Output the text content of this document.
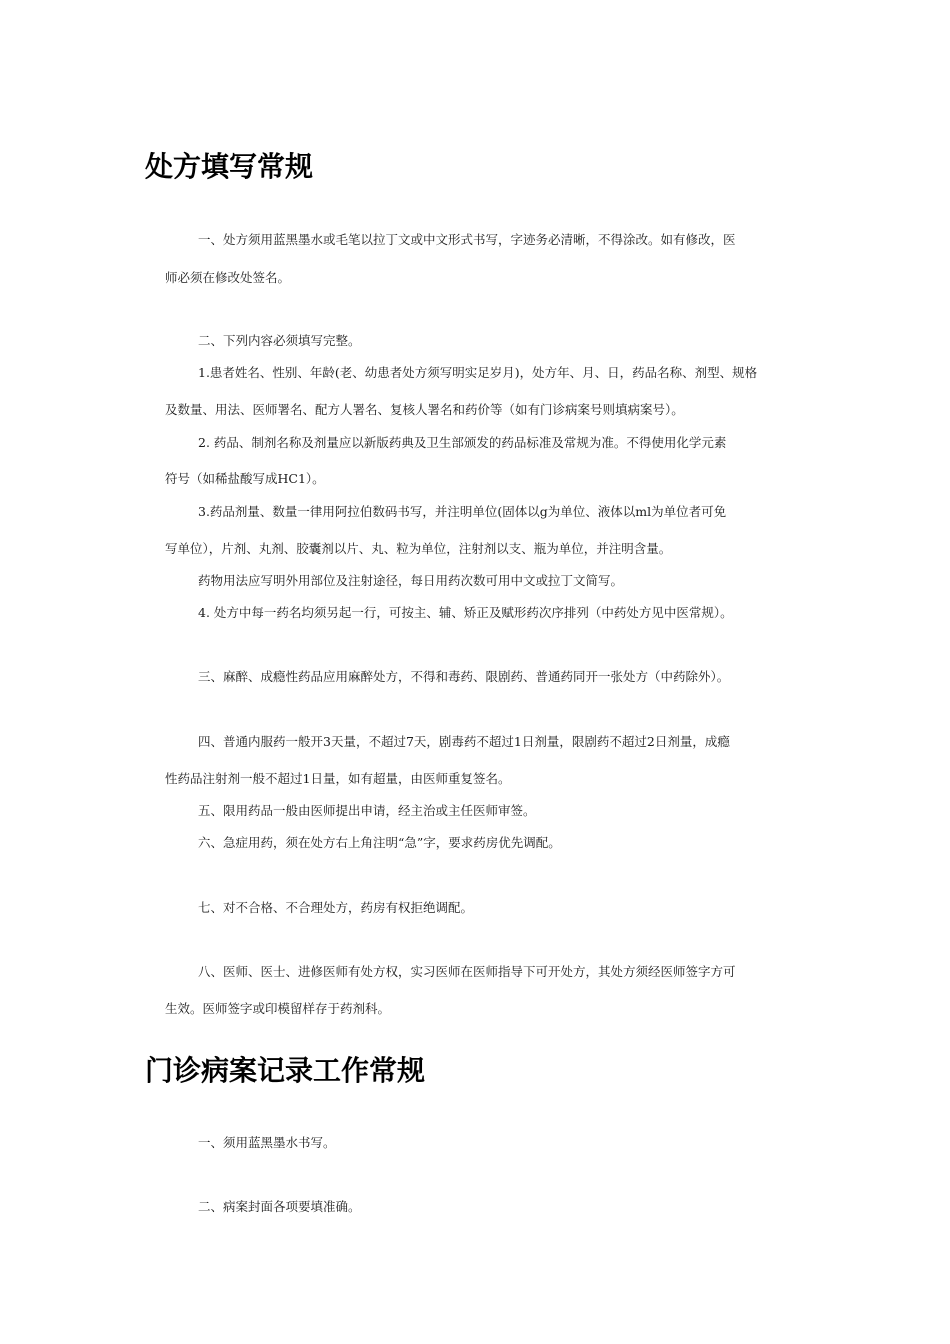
处方填写常规
一、处方须用蓝黑墨水或毛笔以拉丁文或中文形式书写，字迹务必清晰，不得涂改。如有修改，医
师必须在修改处签名。
二、下列内容必须填写完整。
1.患者姓名、性别、年龄(老、幼患者处方须写明实足岁月)，处方年、月、日，药品名称、剂型、规格
及数量、用法、医师署名、配方人署名、复核人署名和药价等（如有门诊病案号则填病案号）。
2. 药品、制剂名称及剂量应以新版药典及卫生部颁发的药品标准及常规为准。不得使用化学元素
符号（如稀盐酸写成HC1）。
3.药品剂量、数量一律用阿拉伯数码书写，并注明单位(固体以g为单位、液体以ml为单位者可免
写单位），片剂、丸剂、胶囊剂以片、丸、粒为单位，注射剂以支、瓶为单位，并注明含量。
药物用法应写明外用部位及注射途径，每日用药次数可用中文或拉丁文简写。
4. 处方中每一药名均须另起一行，可按主、辅、矫正及赋形药次序排列（中药处方见中医常规）。
三、麻醉、成瘾性药品应用麻醉处方，不得和毒药、限剧药、普通药同开一张处方（中药除外）。
四、普通内服药一般开3天量，不超过7天，剧毒药不超过1日剂量，限剧药不超过2日剂量，成瘾
性药品注射剂一般不超过1日量，如有超量，由医师重复签名。
五、限用药品一般由医师提出申请，经主治或主任医师审签。
六、急症用药，须在处方右上角注明“急”字，要求药房优先调配。
七、对不合格、不合理处方，药房有权拒绝调配。
八、医师、医士、进修医师有处方权，实习医师在医师指导下可开处方，其处方须经医师签字方可
生效。医师签字或印模留样存于药剂科。
门诊病案记录工作常规
一、须用蓝黑墨水书写。
二、病案封面各项要填准确。
